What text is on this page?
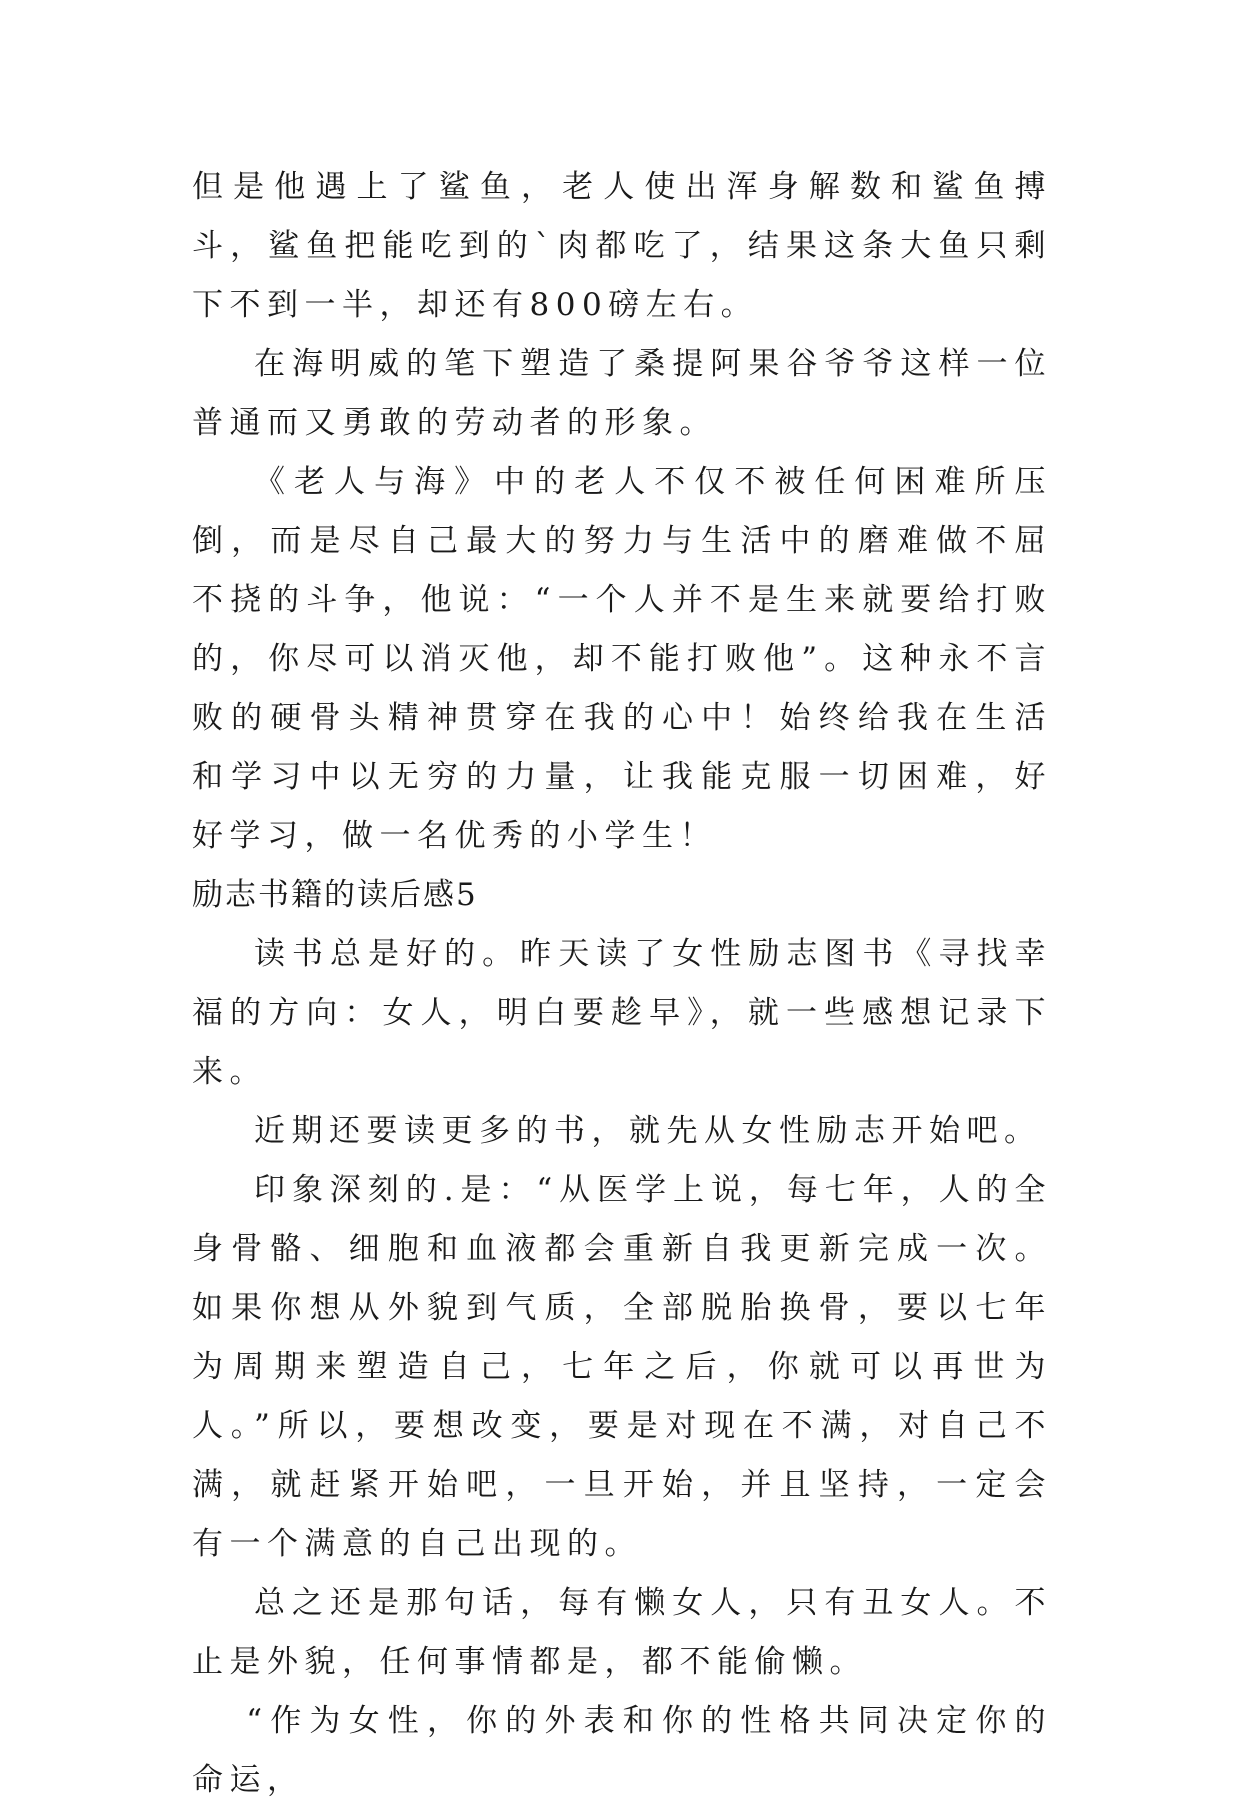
但是他遇上了鲨鱼，老人使出浑身解数和鲨鱼搏斗，鲨鱼把能吃到的`肉都吃了，结果这条大鱼只剩下不到一半，却还有800磅左右。

在海明威的笔下塑造了桑提阿果谷爷爷这样一位普通而又勇敢的劳动者的形象。

《老人与海》中的老人不仅不被任何困难所压倒，而是尽自己最大的努力与生活中的磨难做不屈不挠的斗争，他说：“一个人并不是生来就要给打败的，你尽可以消灭他，却不能打败他”。这种永不言败的硬骨头精神贯穿在我的心中！始终给我在生活和学习中以无穷的力量，让我能克服一切困难，好好学习，做一名优秀的小学生！

励志书籍的读后感5

读书总是好的。昨天读了女性励志图书《寻找幸福的方向：女人，明白要趁早》，就一些感想记录下来。

近期还要读更多的书，就先从女性励志开始吧。

印象深刻的.是：“从医学上说，每七年，人的全身骨骼、细胞和血液都会重新自我更新完成一次。如果你想从外貌到气质，全部脱胎换骨，要以七年为周期来塑造自己，七年之后，你就可以再世为人。”所以，要想改变，要是对现在不满，对自己不满，就赶紧开始吧，一旦开始，并且坚持，一定会有一个满意的自己出现的。

总之还是那句话，每有懒女人，只有丑女人。不止是外貌，任何事情都是，都不能偷懒。

“作为女性，你的外表和你的性格共同决定你的命运，
